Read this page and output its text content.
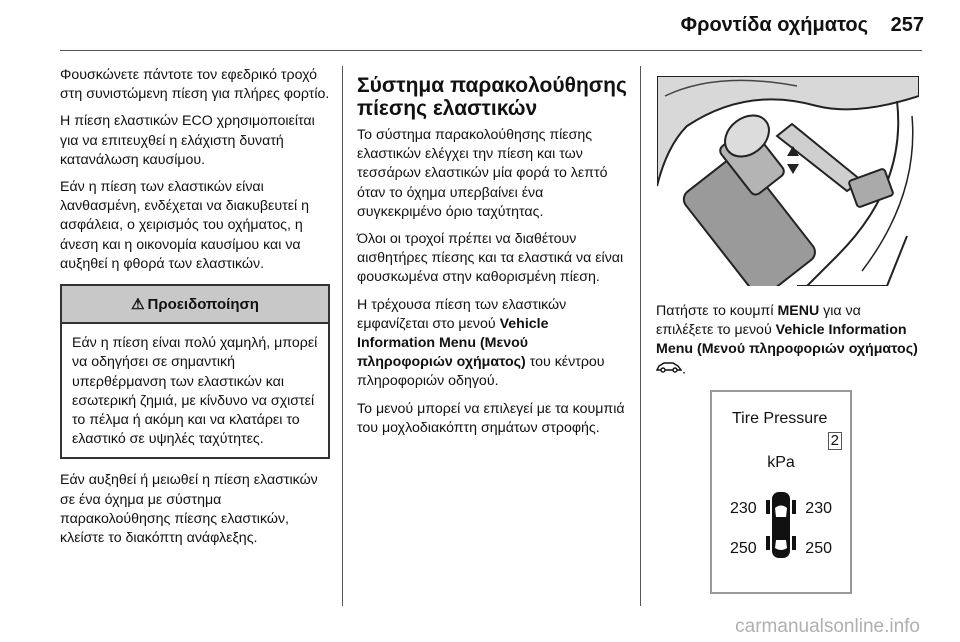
Φροντίδα οχήματος 257

Φουσκώνετε πάντοτε τον εφεδρικό τροχό στη συνιστώμενη πίεση για πλήρες φορτίο.

Η πίεση ελαστικών ECO χρησιμοποιείται για να επιτευχθεί η ελάχιστη δυνατή κατανάλωση καυσίμου.

Εάν η πίεση των ελαστικών είναι λανθασμένη, ενδέχεται να διακυβευτεί η ασφάλεια, ο χειρισμός του οχήματος, η άνεση και η οικονομία καυσίμου και να αυξηθεί η φθορά των ελαστικών.

⚠ Προειδοποίηση
Εάν η πίεση είναι πολύ χαμηλή, μπορεί να οδηγήσει σε σημαντική υπερθέρμανση των ελαστικών και εσωτερική ζημιά, με κίνδυνο να σχιστεί το πέλμα ή ακόμη και να κλατάρει το ελαστικό σε υψηλές ταχύτητες.

Εάν αυξηθεί ή μειωθεί η πίεση ελαστικών σε ένα όχημα με σύστημα παρακολούθησης πίεσης ελαστικών, κλείστε το διακόπτη ανάφλεξης.

Σύστημα παρακολούθησης πίεσης ελαστικών

Το σύστημα παρακολούθησης πίεσης ελαστικών ελέγχει την πίεση και των τεσσάρων ελαστικών μία φορά το λεπτό όταν το όχημα υπερβαίνει ένα συγκεκριμένο όριο ταχύτητας.

Όλοι οι τροχοί πρέπει να διαθέτουν αισθητήρες πίεσης και τα ελαστικά να είναι φουσκωμένα στην καθορισμένη πίεση.

Η τρέχουσα πίεση των ελαστικών εμφανίζεται στο μενού Vehicle Information Menu (Μενού πληροφοριών οχήματος) του κέντρου πληροφοριών οδηγού.

Το μενού μπορεί να επιλεγεί με τα κουμπιά του μοχλοδιακόπτη σημάτων στροφής.

Πατήστε το κουμπί MENU για να επιλέξετε το μενού Vehicle Information Menu (Μενού πληροφοριών οχήματος) .

Tire Pressure
2
kPa
230	230
250	250
carmanualsonline.info
